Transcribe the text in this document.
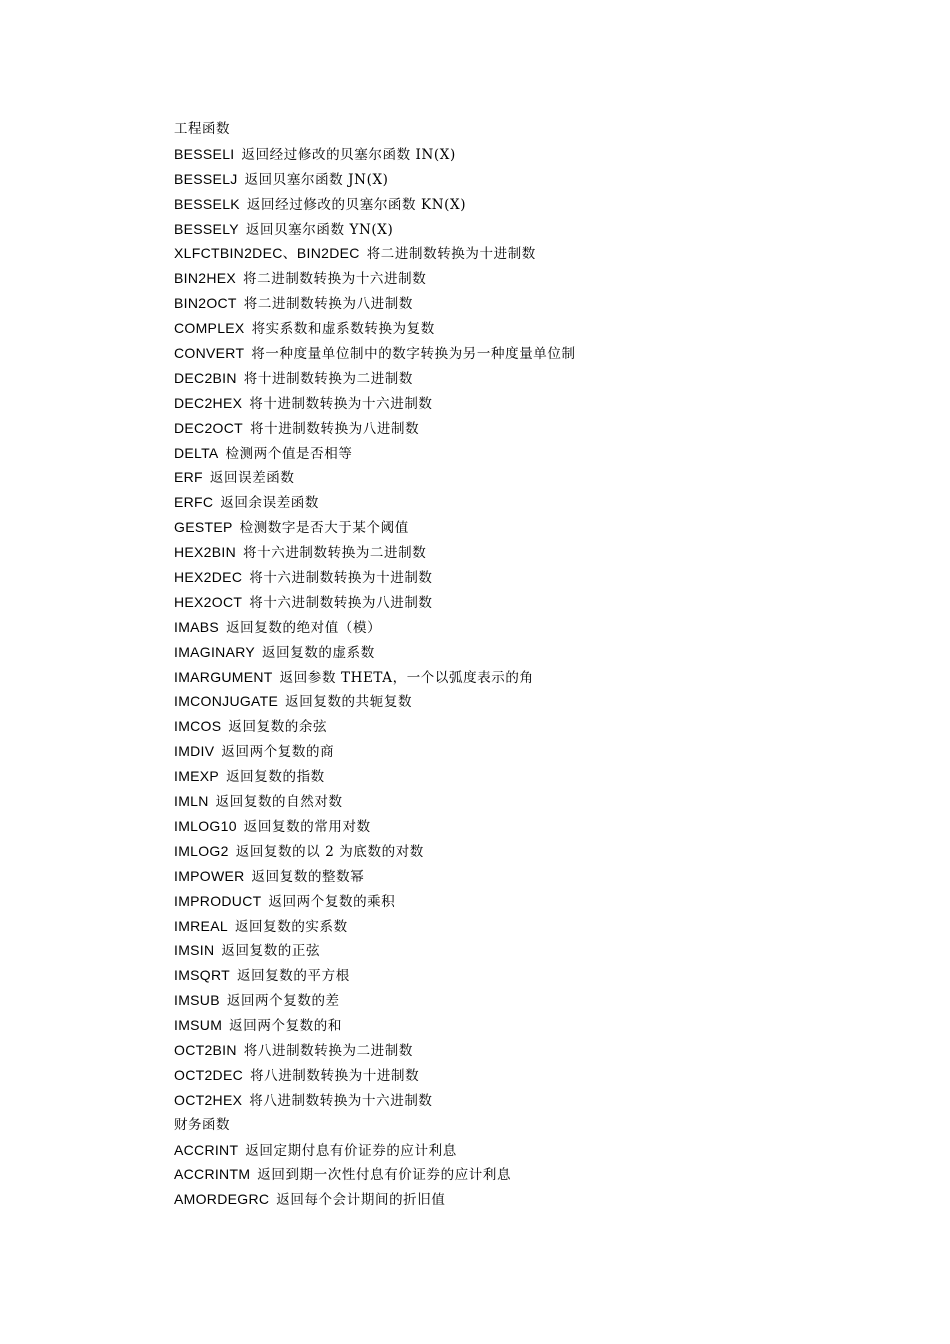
工程函数
BESSELI 返回经过修改的贝塞尔函数 IN(X)
BESSELJ 返回贝塞尔函数 JN(X)
BESSELK 返回经过修改的贝塞尔函数 KN(X)
BESSELY 返回贝塞尔函数 YN(X)
XLFCTBIN2DEC、BIN2DEC 将二进制数转换为十进制数
BIN2HEX 将二进制数转换为十六进制数
BIN2OCT 将二进制数转换为八进制数
COMPLEX 将实系数和虚系数转换为复数
CONVERT 将一种度量单位制中的数字转换为另一种度量单位制
DEC2BIN 将十进制数转换为二进制数
DEC2HEX 将十进制数转换为十六进制数
DEC2OCT 将十进制数转换为八进制数
DELTA 检测两个值是否相等
ERF 返回误差函数
ERFC 返回余误差函数
GESTEP 检测数字是否大于某个阈值
HEX2BIN 将十六进制数转换为二进制数
HEX2DEC 将十六进制数转换为十进制数
HEX2OCT 将十六进制数转换为八进制数
IMABS 返回复数的绝对值（模）
IMAGINARY 返回复数的虚系数
IMARGUMENT 返回参数 THETA，一个以弧度表示的角
IMCONJUGATE 返回复数的共轭复数
IMCOS 返回复数的余弦
IMDIV 返回两个复数的商
IMEXP 返回复数的指数
IMLN 返回复数的自然对数
IMLOG10 返回复数的常用对数
IMLOG2 返回复数的以 2 为底数的对数
IMPOWER 返回复数的整数幂
IMPRODUCT 返回两个复数的乘积
IMREAL 返回复数的实系数
IMSIN 返回复数的正弦
IMSQRT 返回复数的平方根
IMSUB 返回两个复数的差
IMSUM 返回两个复数的和
OCT2BIN 将八进制数转换为二进制数
OCT2DEC 将八进制数转换为十进制数
OCT2HEX 将八进制数转换为十六进制数
财务函数
ACCRINT 返回定期付息有价证券的应计利息
ACCRINTM 返回到期一次性付息有价证券的应计利息
AMORDEGRC 返回每个会计期间的折旧值
